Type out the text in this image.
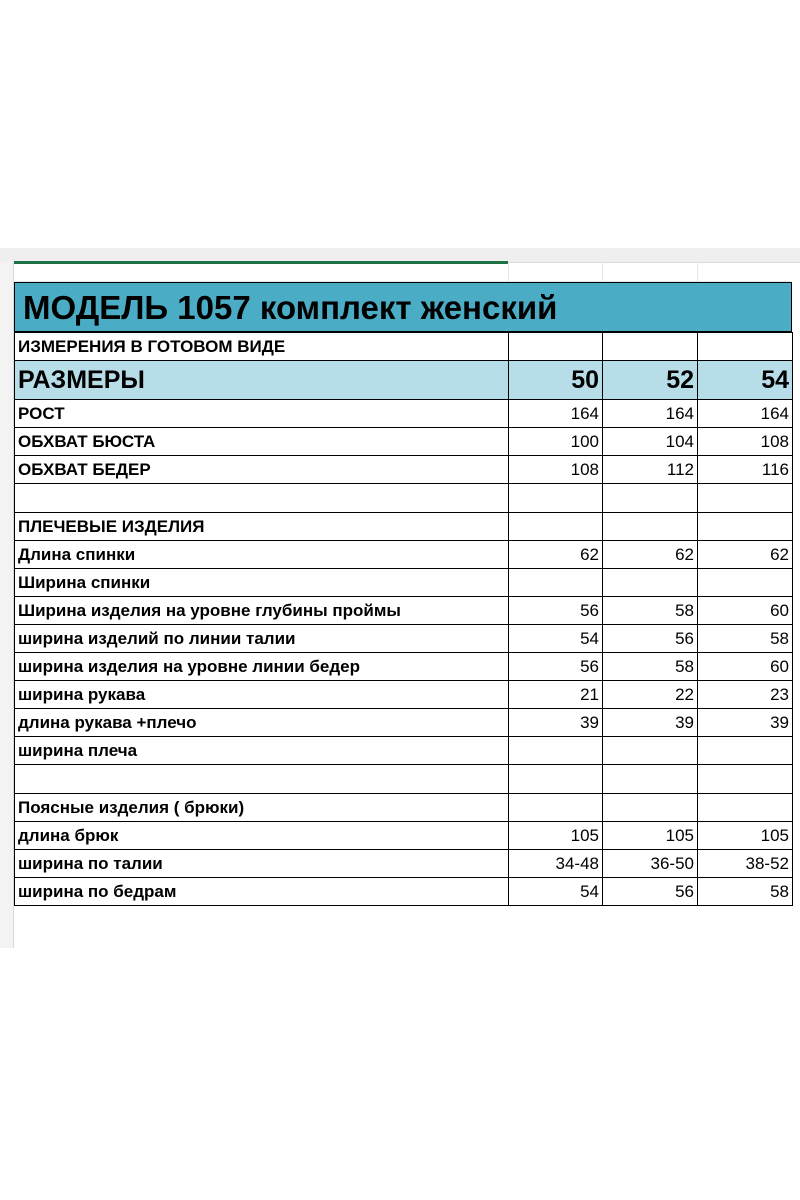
МОДЕЛЬ 1057 комплект женский
ИЗМЕРЕНИЯ В ГОТОВОМ ВИДЕ			
РАЗМЕРЫ	50	52	54
РОСТ	164	164	164
ОБХВАТ БЮСТА	100	104	108
ОБХВАТ БЕДЕР	108	112	116

ПЛЕЧЕВЫЕ ИЗДЕЛИЯ			
Длина спинки	62	62	62
Ширина спинки			
Ширина изделия на уровне глубины проймы	56	58	60
ширина изделий по линии талии	54	56	58
ширина изделия на уровне линии бедер	56	58	60
ширина рукава	21	22	23
длина рукава +плечо	39	39	39
ширина плеча			

Поясные изделия ( брюки)			
длина брюк	105	105	105
ширина по талии	34-48	36-50	38-52
ширина по бедрам	54	56	58
